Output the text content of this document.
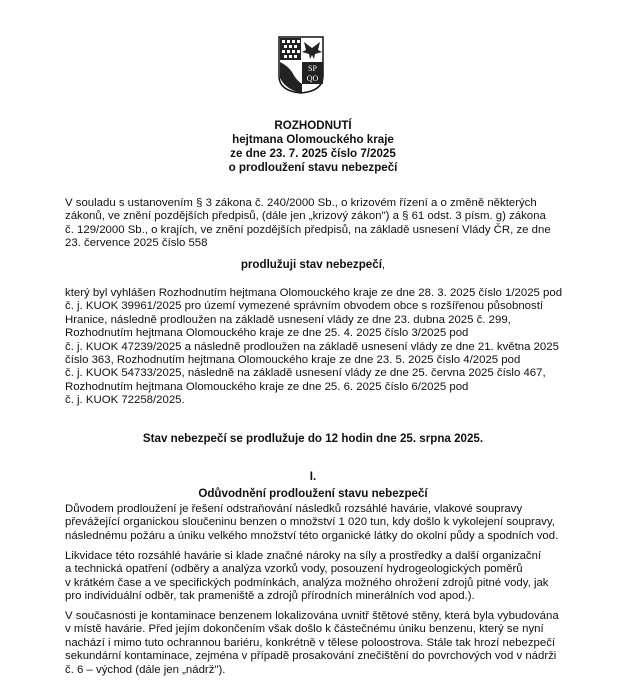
SP
QO
ROZHODNUTÍ
hejtmana Olomouckého kraje
ze dne 23. 7. 2025 číslo 7/2025
o prodloužení stavu nebezpečí
V souladu s ustanovením § 3 zákona č. 240/2000 Sb., o krizovém řízení a o změně některých
zákonů, ve znění pozdějších předpisů, (dále jen „krizový zákon") a § 61 odst. 3 písm. g) zákona
č. 129/2000 Sb., o krajích, ve znění pozdějších předpisů, na základě usnesení Vlády ČR, ze dne
23. července 2025 číslo 558
prodlužuji stav nebezpečí,
který byl vyhlášen Rozhodnutím hejtmana Olomouckého kraje ze dne 28. 3. 2025 číslo 1/2025 pod
č. j. KUOK 39961/2025 pro území vymezené správním obvodem obce s rozšířenou působností
Hranice, následně prodloužen na základě usnesení vlády ze dne 23. dubna 2025 č. 299,
Rozhodnutím hejtmana Olomouckého kraje ze dne 25. 4. 2025 číslo 3/2025 pod
č. j. KUOK 47239/2025 a následně prodloužen na základě usnesení vlády ze dne 21. května 2025
číslo 363, Rozhodnutím hejtmana Olomouckého kraje ze dne 23. 5. 2025 číslo 4/2025 pod
č. j. KUOK 54733/2025, následně na základě usnesení vlády ze dne 25. června 2025 číslo 467,
Rozhodnutím hejtmana Olomouckého kraje ze dne 25. 6. 2025 číslo 6/2025 pod
č. j. KUOK 72258/2025.
Stav nebezpečí se prodlužuje do 12 hodin dne 25. srpna 2025.
I.
Odůvodnění prodloužení stavu nebezpečí
Důvodem prodloužení je řešení odstraňování následků rozsáhlé havárie, vlakové soupravy
převážející organickou sloučeninu benzen o množství 1 020 tun, kdy došlo k vykolejení soupravy,
následnému požáru a úniku velkého množství této organické látky do okolní půdy a spodních vod.
Likvidace této rozsáhlé havárie si klade značné nároky na síly a prostředky a další organizační
a technická opatření (odběry a analýza vzorků vody, posouzení hydrogeologických poměrů
v krátkém čase a ve specifických podmínkách, analýza možného ohrožení zdrojů pitné vody, jak
pro individuální odběr, tak prameniště a zdrojů přírodních minerálních vod apod.).
V současnosti je kontaminace benzenem lokalizována uvnitř štětové stěny, která byla vybudována
v místě havárie. Před jejím dokončením však došlo k částečnému úniku benzenu, který se nyní
nachází i mimo tuto ochrannou bariéru, konkrétně v tělese poloostrova. Stále tak hrozí nebezpečí
sekundární kontaminace, zejména v případě prosakování znečištění do povrchových vod v nádrži
č. 6 – východ (dále jen „nádrž").
